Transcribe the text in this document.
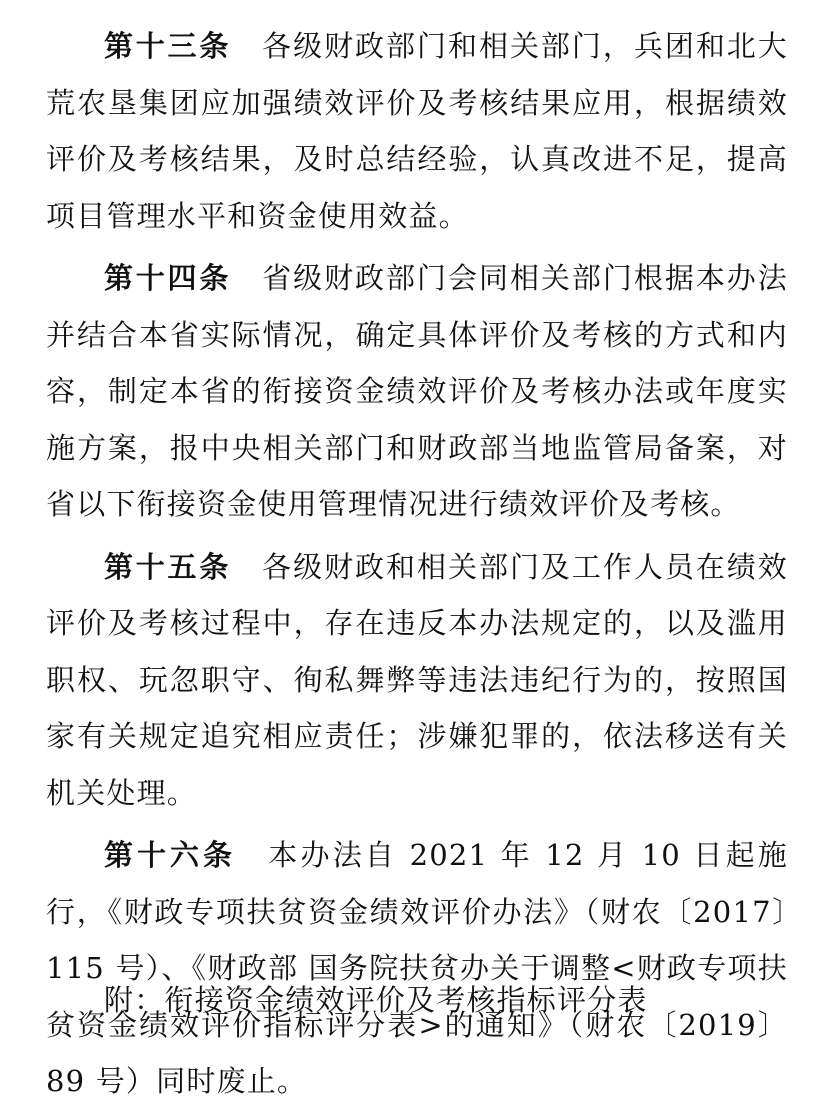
第十三条　 各级财政部门和相关部门，兵团和北大荒农垦集团应加强绩效评价及考核结果应用，根据绩效评价及考核结果，及时总结经验，认真改进不足，提高项目管理水平和资金使用效益。

第十四条　 省级财政部门会同相关部门根据本办法并结合本省实际情况，确定具体评价及考核的方式和内容，制定本省的衔接资金绩效评价及考核办法或年度实施方案，报中央相关部门和财政部当地监管局备案，对省以下衔接资金使用管理情况进行绩效评价及考核。

第十五条　 各级财政和相关部门及工作人员在绩效评价及考核过程中，存在违反本办法规定的，以及滥用职权、玩忽职守、徇私舞弊等违法违纪行为的，按照国家有关规定追究相应责任；涉嫌犯罪的，依法移送有关机关处理。

第十六条　 本办法自 2021 年 12 月 10 日起施行，《财政专项扶贫资金绩效评价办法》（财农〔2017〕115 号）、《财政部 国务院扶贫办关于调整<财政专项扶贫资金绩效评价指标评分表>的通知》（财农〔2019〕89 号）同时废止。

附：衔接资金绩效评价及考核指标评分表
